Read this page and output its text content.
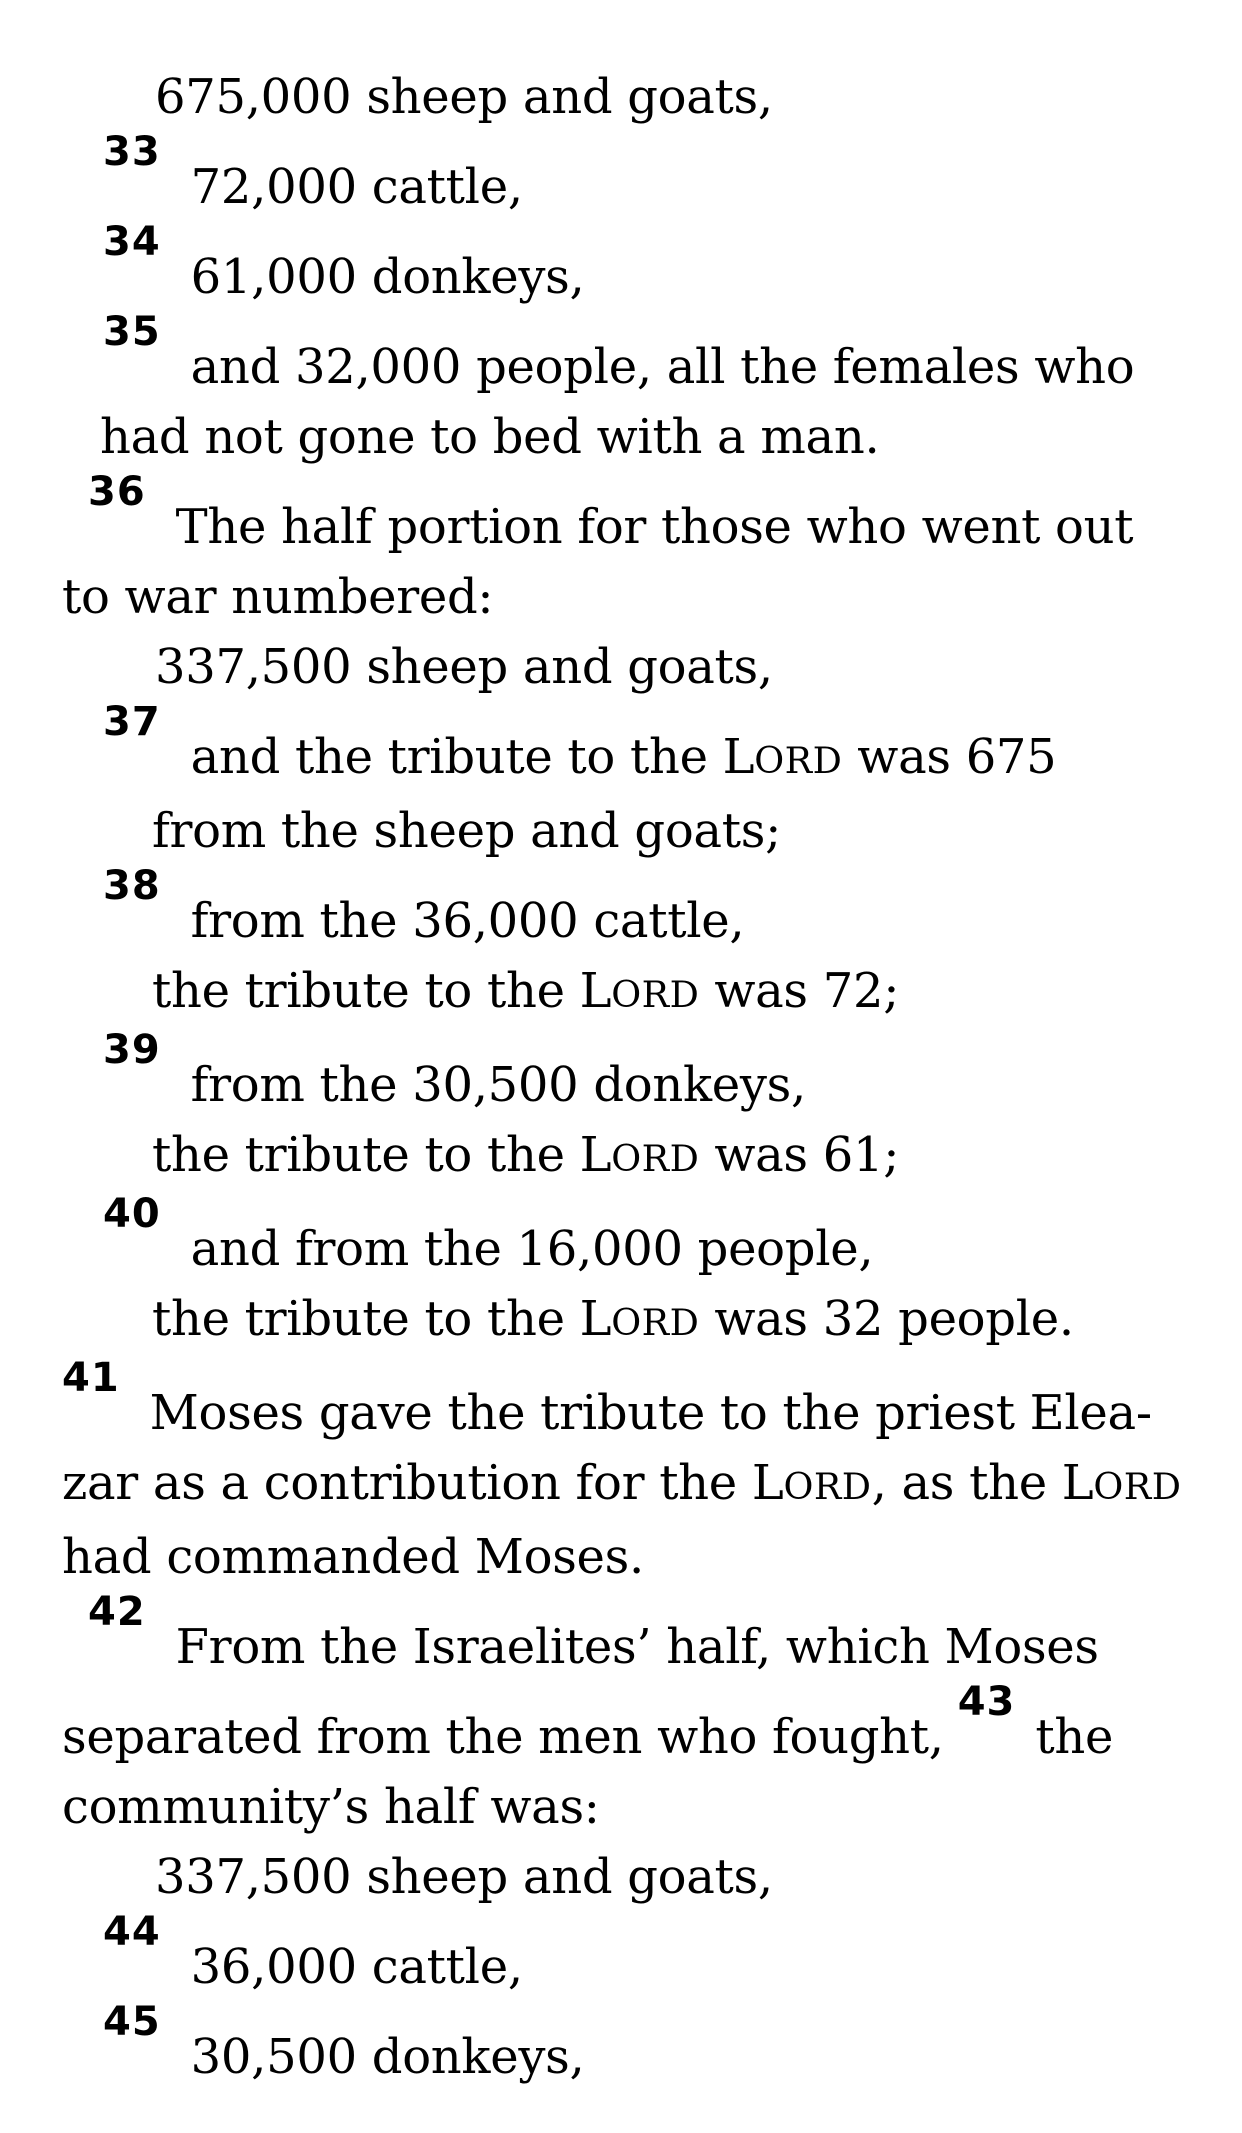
675,000 sheep and goats,
$^{33}$72,000 cattle,
$^{34}$61,000 donkeys,
$^{35}$and 32,000 people, all the females who
had not gone to bed with a man.
$^{36}$The half portion for those who went out
to war numbered:
337,500 sheep and goats,
$^{37}$and the tribute to the LORD was 675
from the sheep and goats;
$^{38}$from the 36,000 cattle,
the tribute to the LORD was 72;
$^{39}$from the 30,500 donkeys,
the tribute to the LORD was 61;
$^{40}$and from the 16,000 people,
the tribute to the LORD was 32 people.
$^{41}$Moses gave the tribute to the priest Elea-
zar as a contribution for the LORD, as the LORD
had commanded Moses.
$^{42}$From the Israelites’ half, which Moses
separated from the men who fought,$^{43}$the
community’s half was:
337,500 sheep and goats,
$^{44}$36,000 cattle,
$^{45}$30,500 donkeys,
